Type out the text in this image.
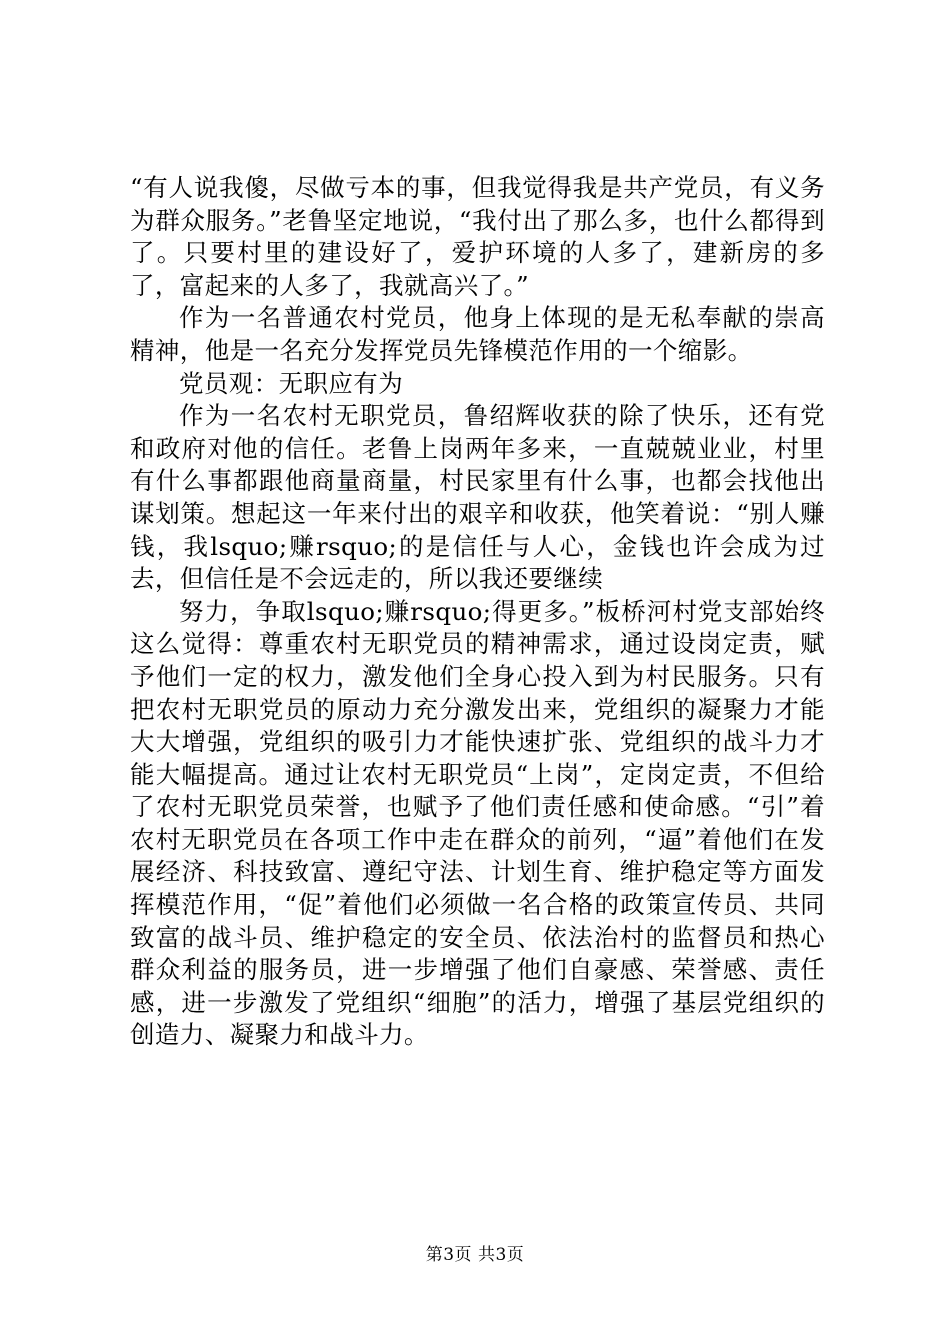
“有人说我傻，尽做亏本的事，但我觉得我是共产党员，有义务为群众服务。”老鲁坚定地说，“我付出了那么多，也什么都得到了。只要村里的建设好了，爱护环境的人多了，建新房的多了，富起来的人多了，我就高兴了。”

作为一名普通农村党员，他身上体现的是无私奉献的崇高精神，他是一名充分发挥党员先锋模范作用的一个缩影。

党员观：无职应有为

作为一名农村无职党员，鲁绍辉收获的除了快乐，还有党和政府对他的信任。老鲁上岗两年多来，一直兢兢业业，村里有什么事都跟他商量商量，村民家里有什么事，也都会找他出谋划策。想起这一年来付出的艰辛和收获，他笑着说：“别人赚钱，我lsquo;赚rsquo;的是信任与人心，金钱也许会成为过去，但信任是不会远走的，所以我还要继续

努力，争取lsquo;赚rsquo;得更多。”板桥河村党支部始终这么觉得：尊重农村无职党员的精神需求，通过设岗定责，赋予他们一定的权力，激发他们全身心投入到为村民服务。只有把农村无职党员的原动力充分激发出来，党组织的凝聚力才能大大增强，党组织的吸引力才能快速扩张、党组织的战斗力才能大幅提高。通过让农村无职党员“上岗”，定岗定责，不但给了农村无职党员荣誉，也赋予了他们责任感和使命感。“引”着农村无职党员在各项工作中走在群众的前列，“逼”着他们在发展经济、科技致富、遵纪守法、计划生育、维护稳定等方面发挥模范作用，“促”着他们必须做一名合格的政策宣传员、共同致富的战斗员、维护稳定的安全员、依法治村的监督员和热心群众利益的服务员，进一步增强了他们自豪感、荣誉感、责任感，进一步激发了党组织“细胞”的活力，增强了基层党组织的创造力、凝聚力和战斗力。

第3页 共3页
